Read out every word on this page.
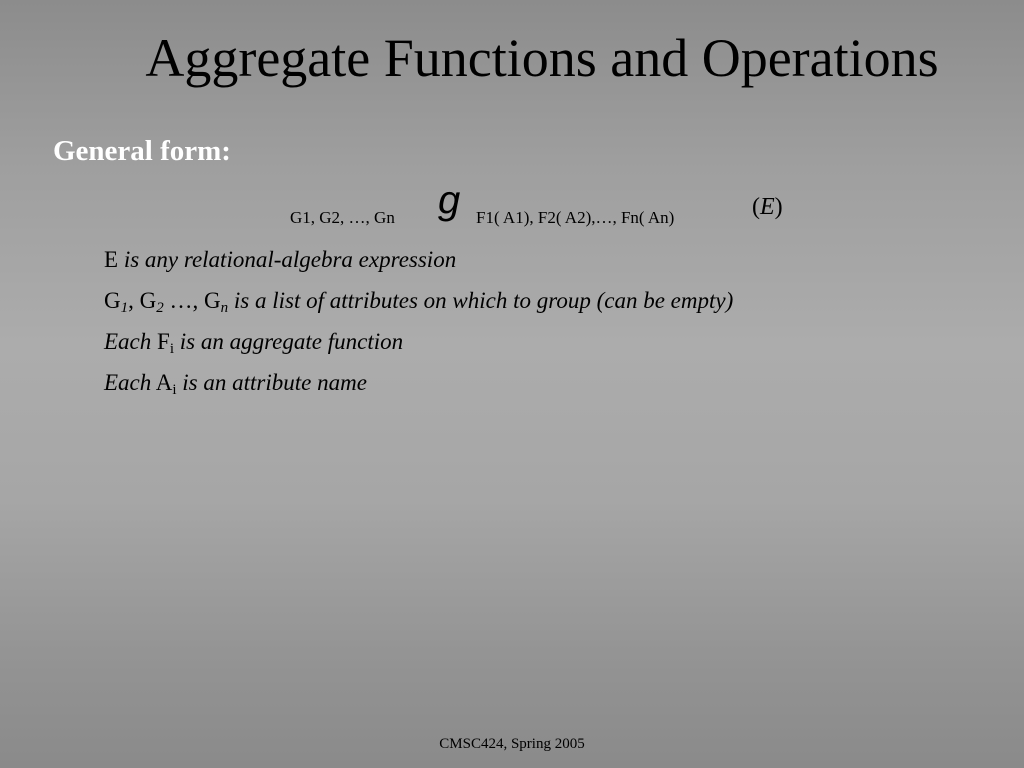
Aggregate Functions and Operations
General form:
G1, G2, …, Gn g F1( A1), F2( A2),…, Fn( An)	(E)
E is any relational-algebra expression
$G_1$, $G_2$ …, $G_n$ is a list of attributes on which to group (can be empty)
Each $F_i$ is an aggregate function
Each $A_i$ is an attribute name
CMSC424, Spring 2005
